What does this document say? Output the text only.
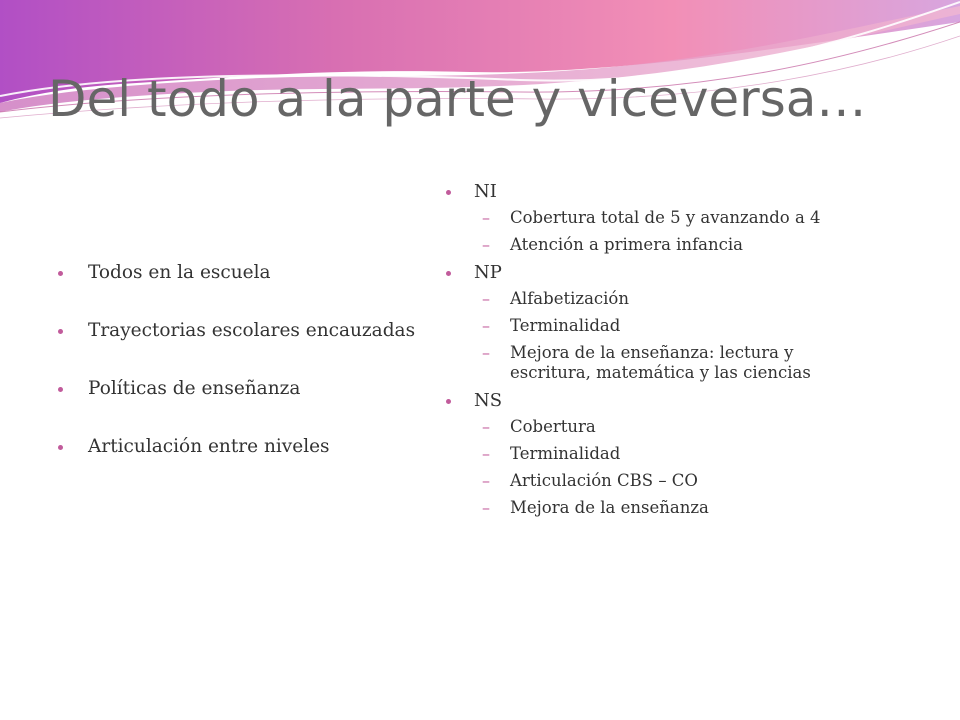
Del todo a la parte y viceversa…
Todos en la escuela
Trayectorias escolares encauzadas
Políticas de enseñanza
Articulación entre niveles
NI
– Cobertura total de 5 y avanzando a 4
– Atención a primera infancia
NP
– Alfabetización
– Terminalidad
– Mejora de la enseñanza: lectura y escritura, matemática y las ciencias
NS
– Cobertura
– Terminalidad
– Articulación CBS – CO
– Mejora de la enseñanza
